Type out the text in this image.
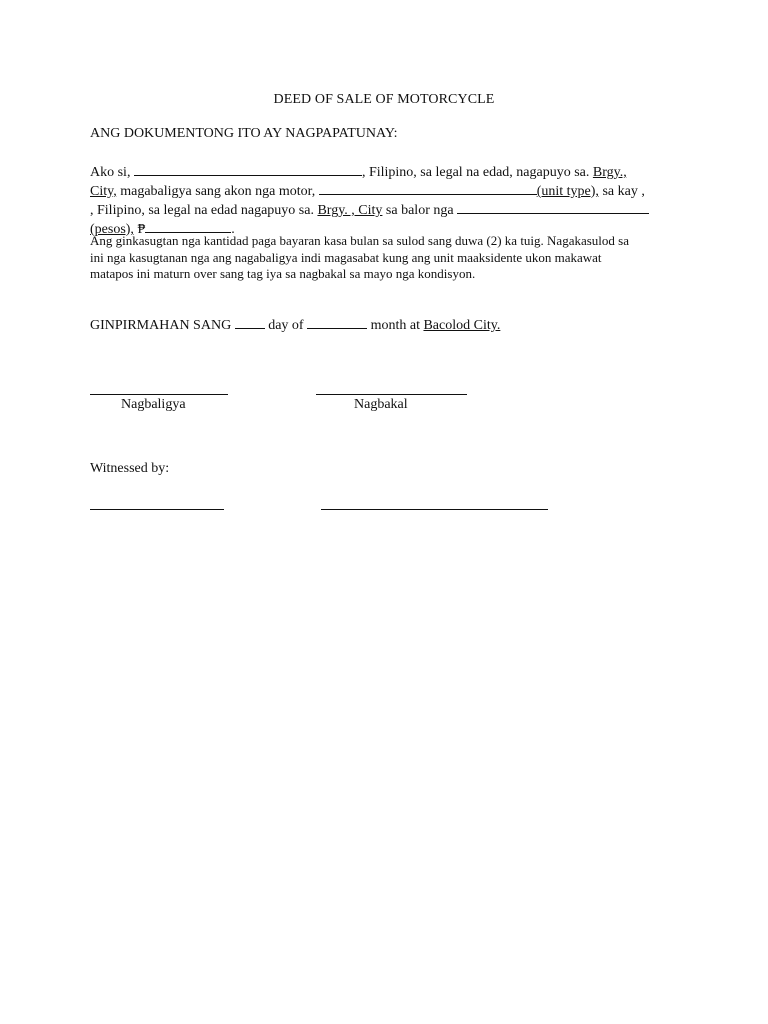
DEED OF SALE OF MOTORCYCLE
ANG DOKUMENTONG ITO AY NAGPAPATUNAY:
Ako si,	, Filipino, sa legal na edad, nagapuyo sa. Brgy.,
City, magabaligya sang akon nga motor,	(unit type), sa kay ,
, Filipino, sa legal na edad nagapuyo sa. Brgy. , City sa balor nga
(pesos), ₱	.
Ang ginkasugtan nga kantidad paga bayaran kasa bulan sa sulod sang duwa (2) ka tuig. Nagakasulod sa
ini nga kasugtanan nga ang nagabaligya indi magasabat kung ang unit maaksidente ukon makawat
matapos ini maturn over sang tag iya sa nagbakal sa mayo nga kondisyon.
GINPIRMAHAN SANG  day of	month at Bacolod City.
Nagbaligya	Nagbakal
Witnessed by:
